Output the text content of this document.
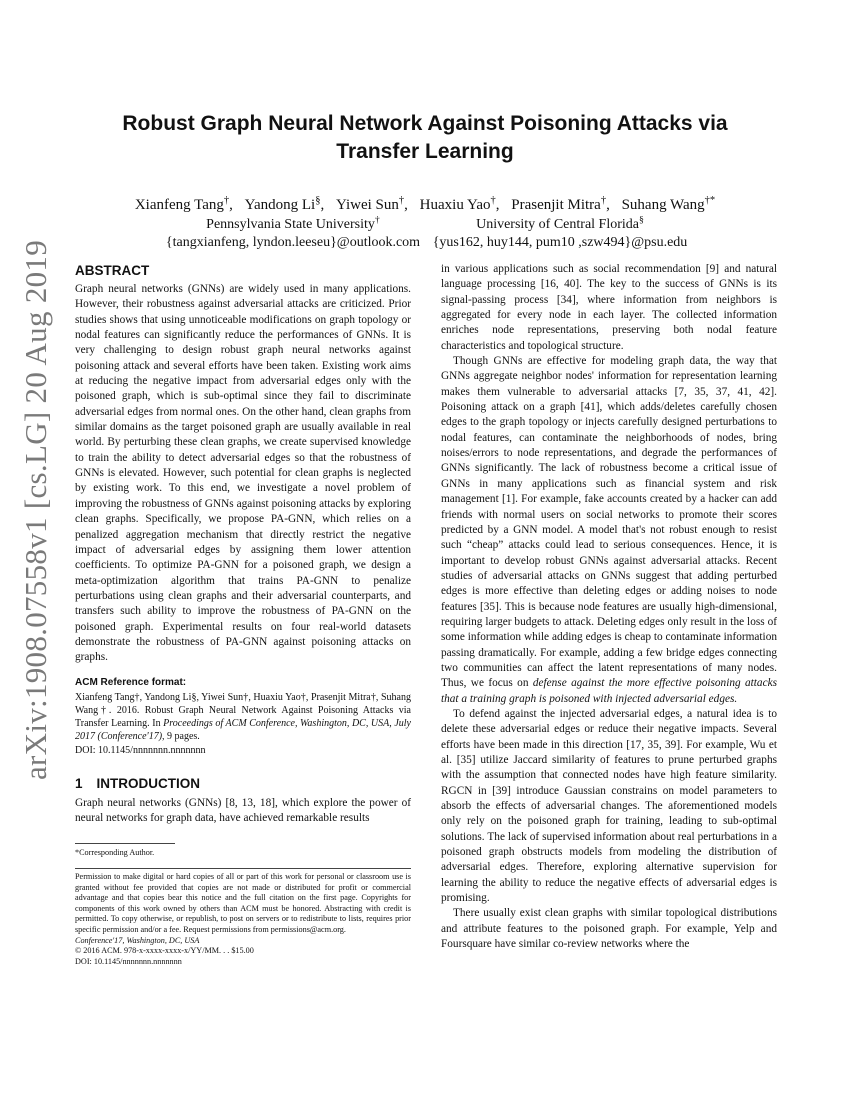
arXiv:1908.07558v1 [cs.LG] 20 Aug 2019
Robust Graph Neural Network Against Poisoning Attacks via
Transfer Learning
Xianfeng Tang†, Yandong Li§, Yiwei Sun†, Huaxiu Yao†, Prasenjit Mitra†, Suhang Wang†*
Pennsylvania State University†
{tangxianfeng, lyndon.leeseu}@outlook.com
University of Central Florida§
{yus162, huy144, pum10 ,szw494}@psu.edu
ABSTRACT

Graph neural networks (GNNs) are widely used in many applications. However, their robustness against adversarial attacks are criticized. Prior studies shows that using unnoticeable modifications on graph topology or nodal features can significantly reduce the performances of GNNs. It is very challenging to design robust graph neural networks against poisoning attack and several efforts have been taken. Existing work aims at reducing the negative impact from adversarial edges only with the poisoned graph, which is sub-optimal since they fail to discriminate adversarial edges from normal ones. On the other hand, clean graphs from similar domains as the target poisoned graph are usually available in real world. By perturbing these clean graphs, we create supervised knowledge to train the ability to detect adversarial edges so that the robustness of GNNs is elevated. However, such potential for clean graphs is neglected by existing work. To this end, we investigate a novel problem of improving the robustness of GNNs against poisoning attacks by exploring clean graphs. Specifically, we propose PA-GNN, which relies on a penalized aggregation mechanism that directly restrict the negative impact of adversarial edges by assigning them lower attention coefficients. To optimize PA-GNN for a poisoned graph, we design a meta-optimization algorithm that trains PA-GNN to penalize perturbations using clean graphs and their adversarial counterparts, and transfers such ability to improve the robustness of PA-GNN on the poisoned graph. Experimental results on four real-world datasets demonstrate the robustness of PA-GNN against poisoning attacks on graphs.

ACM Reference format:
Xianfeng Tang†, Yandong Li§, Yiwei Sun†, Huaxiu Yao†, Prasenjit Mitra†, Suhang Wang†. 2016. Robust Graph Neural Network Against Poisoning Attacks via Transfer Learning. In Proceedings of ACM Conference, Washington, DC, USA, July 2017 (Conference'17), 9 pages.
DOI: 10.1145/nnnnnnn.nnnnnnn
1 INTRODUCTION

Graph neural networks (GNNs) [8, 13, 18], which explore the power of neural networks for graph data, have achieved remarkable results

*Corresponding Author.
Permission to make digital or hard copies of all or part of this work for personal or classroom use is granted without fee provided that copies are not made or distributed for profit or commercial advantage and that copies bear this notice and the full citation on the first page. Copyrights for components of this work owned by others than ACM must be honored. Abstracting with credit is permitted. To copy otherwise, or republish, to post on servers or to redistribute to lists, requires prior specific permission and/or a fee. Request permissions from permissions@acm.org.
Conference'17, Washington, DC, USA
© 2016 ACM. 978-x-xxxx-xxxx-x/YY/MM. . . $15.00
DOI: 10.1145/nnnnnnn.nnnnnnn

in various applications such as social recommendation [9] and natural language processing [16, 40]. The key to the success of GNNs is its signal-passing process [34], where information from neighbors is aggregated for every node in each layer. The collected information enriches node representations, preserving both nodal feature characteristics and topological structure.

Though GNNs are effective for modeling graph data, the way that GNNs aggregate neighbor nodes' information for representation learning makes them vulnerable to adversarial attacks [7, 35, 37, 41, 42]. Poisoning attack on a graph [41], which adds/deletes carefully chosen edges to the graph topology or injects carefully designed perturbations to nodal features, can contaminate the neighborhoods of nodes, bring noises/errors to node representations, and degrade the performances of GNNs significantly. The lack of robustness become a critical issue of GNNs in many applications such as financial system and risk management [1]. For example, fake accounts created by a hacker can add friends with normal users on social networks to promote their scores predicted by a GNN model. A model that's not robust enough to resist such “cheap” attacks could lead to serious consequences. Hence, it is important to develop robust GNNs against adversarial attacks. Recent studies of adversarial attacks on GNNs suggest that adding perturbed edges is more effective than deleting edges or adding noises to node features [35]. This is because node features are usually high-dimensional, requiring larger budgets to attack. Deleting edges only result in the loss of some information while adding edges is cheap to contaminate information passing dramatically. For example, adding a few bridge edges connecting two communities can affect the latent representations of many nodes. Thus, we focus on defense against the more effective poisoning attacks that a training graph is poisoned with injected adversarial edges.

To defend against the injected adversarial edges, a natural idea is to delete these adversarial edges or reduce their negative impacts. Several efforts have been made in this direction [17, 35, 39]. For example, Wu et al. [35] utilize Jaccard similarity of features to prune perturbed graphs with the assumption that connected nodes have high feature similarity. RGCN in [39] introduce Gaussian constrains on model parameters to absorb the effects of adversarial changes. The aforementioned models only rely on the poisoned graph for training, leading to sub-optimal solutions. The lack of supervised information about real perturbations in a poisoned graph obstructs models from modeling the distribution of adversarial edges. Therefore, exploring alternative supervision for learning the ability to reduce the negative effects of adversarial edges is promising.

There usually exist clean graphs with similar topological distributions and attribute features to the poisoned graph. For example, Yelp and Foursquare have similar co-review networks where the
